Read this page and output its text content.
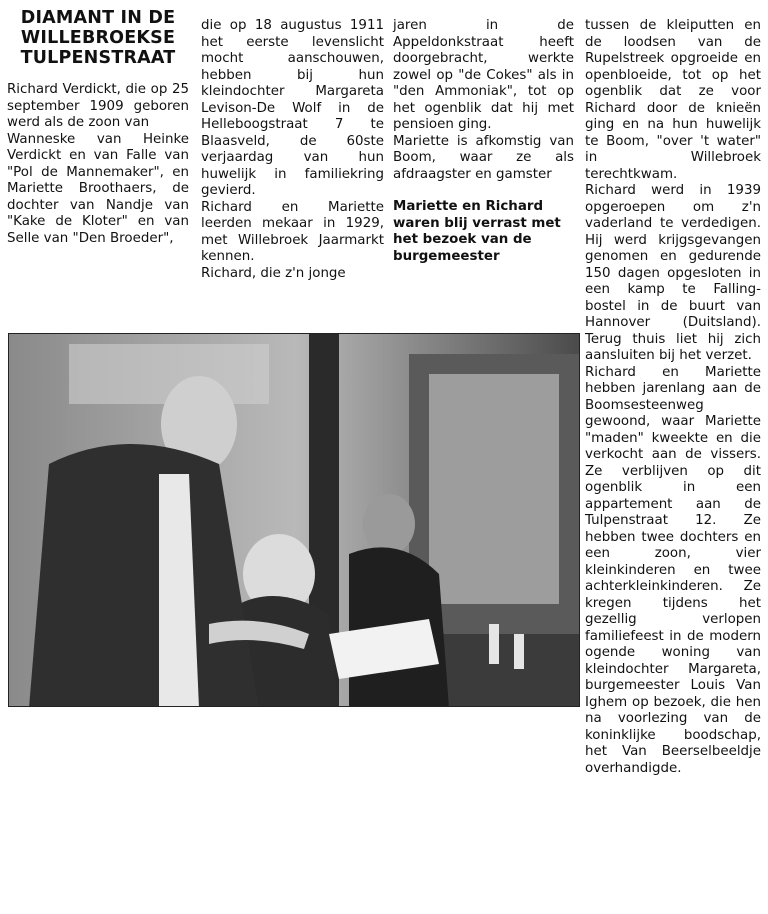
DIAMANT IN DE
WILLEBROEKSE
TULPENSTRAAT

Richard Verdickt, die op 25 september 1909 geboren werd als de zoon van

Wanneske van Heinke Verdickt en van Falle van "Pol de Mannemaker", en Mariette Broothaers, de dochter van Nandje van "Kake de Kloter" en van Selle van "Den Broeder",

die op 18 augustus 1911 het eerste levenslicht mocht aanschouwen, hebben bij hun kleindochter Margareta Levison-De Wolf in de Helleboogstraat 7 te Blaasveld, de 60ste verjaardag van hun huwelijk in familiekring gevierd.

Richard en Mariette leerden mekaar in 1929, met Willebroek Jaarmarkt kennen.

Richard, die z'n jonge

jaren in de Appeldonkstraat heeft doorgebracht, werkte zowel op "de Cokes" als in "den Ammoniak", tot op het ogenblik dat hij met pensioen ging.

Mariette is afkomstig van Boom, waar ze als afdraagster en gamster

Mariette en Richard waren blij verrast met het bezoek van de burgemeester

tussen de kleiputten en de loodsen van de Rupelstreek opgroeide en openbloeide, tot op het ogenblik dat ze voor Richard door de knieën ging en na hun huwelijk te Boom, "over 't water" in Willebroek terechtkwam.

Richard werd in 1939 opgeroepen om z'n vaderland te verdedigen. Hij werd krijgsgevangen genomen en gedurende 150 dagen opgesloten in een kamp te Falling-bostel in de buurt van Hannover (Duitsland). Terug thuis liet hij zich aansluiten bij het verzet.

Richard en Mariette hebben jarenlang aan de Boomsesteenweg gewoond, waar Mariette "maden" kweekte en die verkocht aan de vissers. Ze verblijven op dit ogenblik in een appartement aan de Tulpenstraat 12. Ze hebben twee dochters en een zoon, vier kleinkinderen en twee achterkleinkinderen. Ze kregen tijdens het gezellig verlopen familiefeest in de modern ogende woning van kleindochter Margareta, burgemeester Louis Van Ighem op bezoek, die hen na voorlezing van de koninklijke boodschap, het Van Beerselbeeldje overhandigde.
